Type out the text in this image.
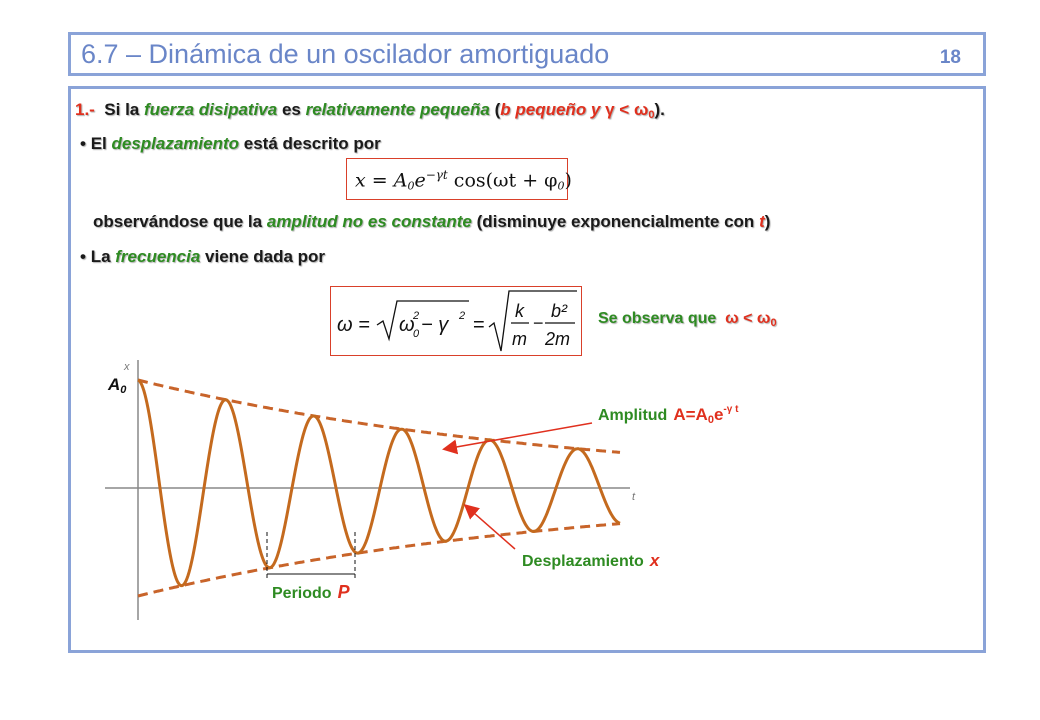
6.7 – Dinámica de un oscilador amortiguado	18
1.- Si la fuerza disipativa es relativamente pequeña (b pequeño y $\gamma < \omega_0$).
• El desplazamiento está descrito por
$x = A_0e^{-\gamma t}$ $\cos(\omega t + \varphi_0)$
observándose que la amplitud no es constante (disminuye exponencialmente con t)
• La frecuencia viene dada por
ω = ω
0
2 − γ 2 =
k
m
−
b²
2m
Se observa que $\omega < \omega_0$
x
t
A0
Amplitud $A=A0e^{-\gamma t}$
Desplazamiento x
Periodo P
